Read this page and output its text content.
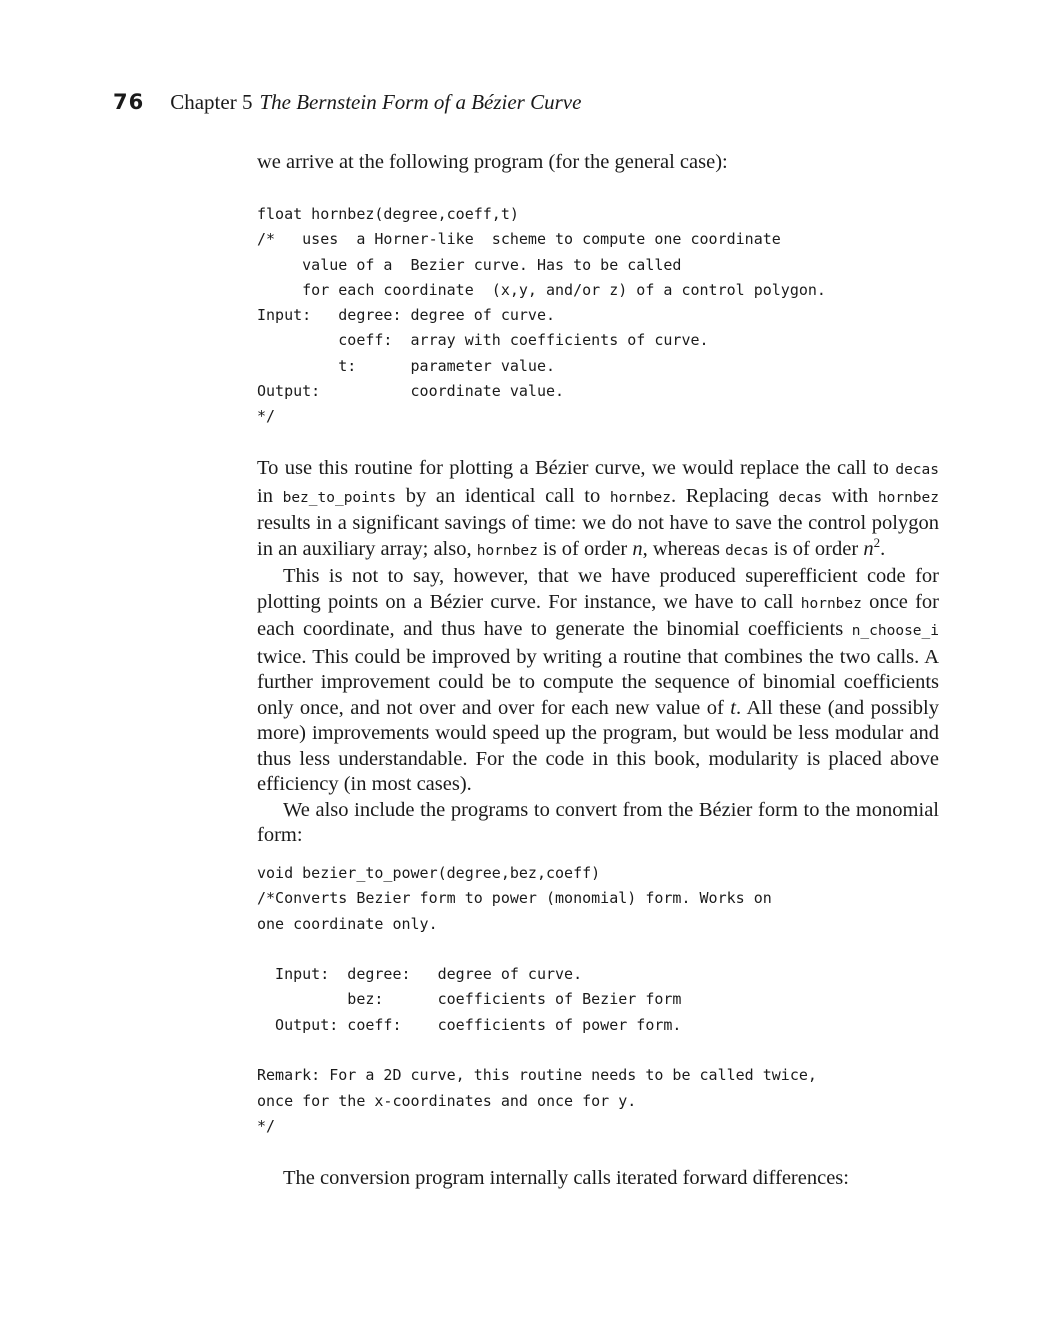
76 Chapter 5 The Bernstein Form of a Bézier Curve

we arrive at the following program (for the general case):

float hornbez(degree,coeff,t)
/*   uses  a Horner-like  scheme to compute one coordinate
value of a  Bezier curve. Has to be called
for each coordinate  (x,y, and/or z) of a control polygon.
Input:   degree: degree of curve.
coeff:  array with coefficients of curve.
t:      parameter value.
Output:          coordinate value.
*/

To use this routine for plotting a Bézier curve, we would replace the call to decas in bez_to_points by an identical call to hornbez. Replacing decas with hornbez results in a significant savings of time: we do not have to save the control polygon in an auxiliary array; also, hornbez is of order n, whereas decas is of order $n^2$.

This is not to say, however, that we have produced superefficient code for plotting points on a Bézier curve. For instance, we have to call hornbez once for each coordinate, and thus have to generate the binomial coefficients n_choose_i twice. This could be improved by writing a routine that combines the two calls. A further improvement could be to compute the sequence of binomial coefficients only once, and not over and over for each new value of t. All these (and possibly more) improvements would speed up the program, but would be less modular and thus less understandable. For the code in this book, modularity is placed above efficiency (in most cases).

We also include the programs to convert from the Bézier form to the monomial form:

void bezier_to_power(degree,bez,coeff)
/*Converts Bezier form to power (monomial) form. Works on
one coordinate only.
Input:  degree:   degree of curve.
bez:      coefficients of Bezier form
Output: coeff:    coefficients of power form.
Remark: For a 2D curve, this routine needs to be called twice,
once for the x-coordinates and once for y.
*/

The conversion program internally calls iterated forward differences:
